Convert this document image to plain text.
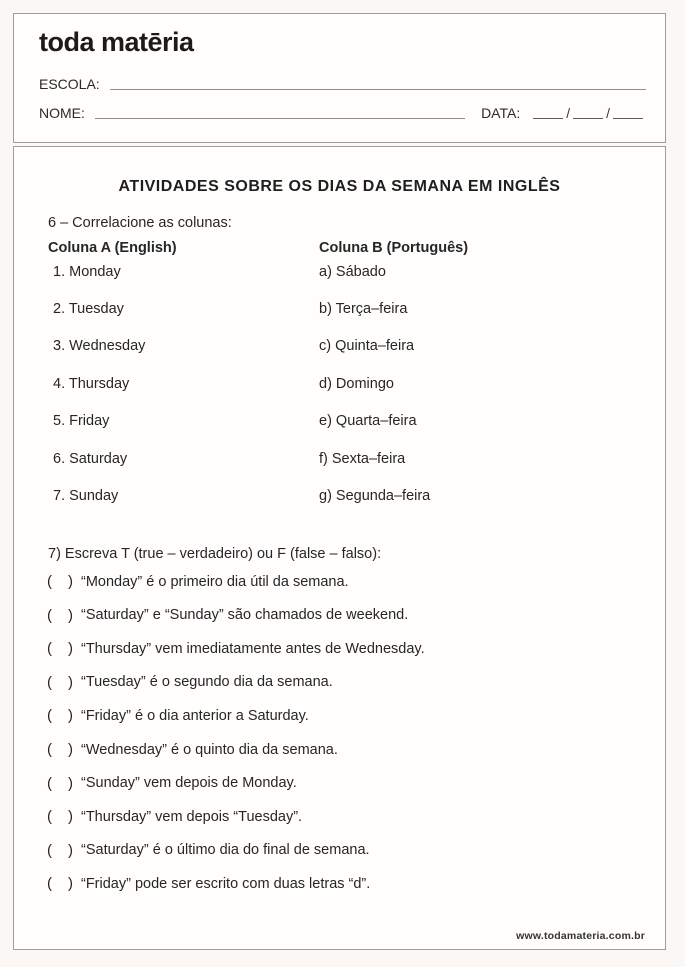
toda matēria
ESCOLA:
NOME:	DATA:	/	/
ATIVIDADES SOBRE OS DIAS DA SEMANA EM INGLÊS
6 – Correlacione as colunas:
Coluna A (English)	Coluna B (Português)
1. Monday	a) Sábado
2. Tuesday	b) Terça–feira
3. Wednesday	c) Quinta–feira
4. Thursday	d) Domingo
5. Friday	e) Quarta–feira
6. Saturday	f) Sexta–feira
7. Sunday	g) Segunda–feira
7) Escreva T (true – verdadeiro) ou F (false – falso):
( ) “Monday” é o primeiro dia útil da semana.
( ) “Saturday” e “Sunday” são chamados de weekend.
( ) “Thursday” vem imediatamente antes de Wednesday.
( ) “Tuesday” é o segundo dia da semana.
( ) “Friday” é o dia anterior a Saturday.
( ) “Wednesday” é o quinto dia da semana.
( ) “Sunday” vem depois de Monday.
( ) “Thursday” vem depois “Tuesday”.
( ) “Saturday” é o último dia do final de semana.
( ) “Friday” pode ser escrito com duas letras “d”.
www.todamateria.com.br
